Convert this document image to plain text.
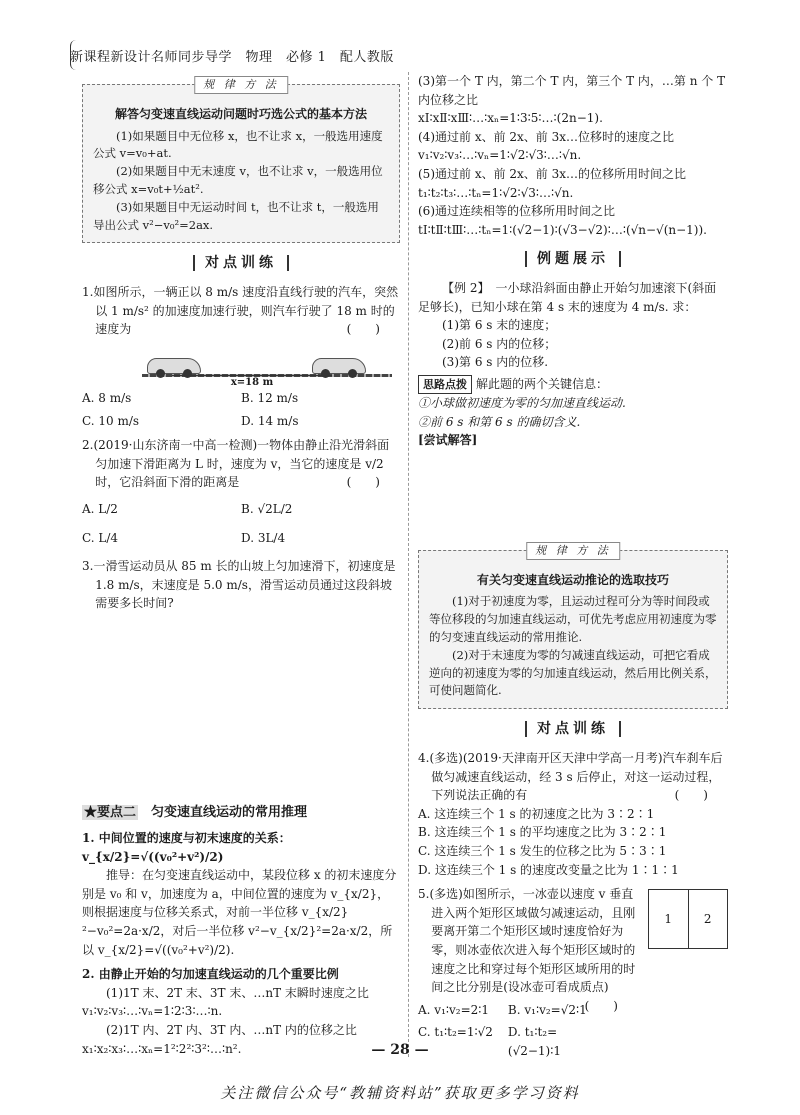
新课程新设计名师同步导学　物理　必修 1　配人教版
规 律 方 法
解答匀变速直线运动问题时巧选公式的基本方法

(1)如果题目中无位移 x，也不让求 x，一般选用速度公式 v=v₀+at.

(2)如果题目中无末速度 v，也不让求 v，一般选用位移公式 x=v₀t+½at².

(3)如果题目中无运动时间 t，也不让求 t，一般选用导出公式 v²−v₀²=2ax.

对点训练
1.如图所示，一辆正以 8 m/s 速度沿直线行驶的汽车，突然以 1 m/s² 的加速度加速行驶，则汽车行驶了 18 m 时的速度为	(　　)
x=18 m
A. 8 m/s	B. 12 m/s
C. 10 m/s	D. 14 m/s
2.(2019·山东济南一中高一检测)一物体由静止沿光滑斜面匀加速下滑距离为 L 时，速度为 v，当它的速度是 v/2 时，它沿斜面下滑的距离是	(　　)
A. L/2	B. √2L/2
C. L/4	D. 3L/4
3.一滑雪运动员从 85 m 长的山坡上匀加速滑下，初速度是 1.8 m/s，末速度是 5.0 m/s，滑雪运动员通过这段斜坡需要多长时间?
★要点二　 匀变速直线运动的常用推理
1. 中间位置的速度与初末速度的关系：v_{x/2}=√((v₀²+v²)/2)
推导：在匀变速直线运动中，某段位移 x 的初末速度分别是 v₀ 和 v，加速度为 a，中间位置的速度为 v_{x/2}，则根据速度与位移关系式，对前一半位移 v_{x/2}²−v₀²=2a·x/2，对后一半位移 v²−v_{x/2}²=2a·x/2，所以 v_{x/2}=√((v₀²+v²)/2).
2. 由静止开始的匀加速直线运动的几个重要比例
(1)1T 末、2T 末、3T 末、…nT 末瞬时速度之比
v₁∶v₂∶v₃∶…∶vₙ=1∶2∶3∶…∶n.
(2)1T 内、2T 内、3T 内、…nT 内的位移之比
x₁∶x₂∶x₃∶…∶xₙ=1²∶2²∶3²∶…∶n².
(3)第一个 T 内，第二个 T 内，第三个 T 内，…第 n 个 T 内位移之比
xⅠ∶xⅡ∶xⅢ∶…∶xₙ=1∶3∶5∶…∶(2n−1).
(4)通过前 x、前 2x、前 3x…位移时的速度之比
v₁∶v₂∶v₃∶…∶vₙ=1∶√2∶√3∶…∶√n.
(5)通过前 x、前 2x、前 3x…的位移所用时间之比
t₁∶t₂∶t₃∶…∶tₙ=1∶√2∶√3∶…∶√n.
(6)通过连续相等的位移所用时间之比
tⅠ∶tⅡ∶tⅢ∶…∶tₙ=1∶(√2−1)∶(√3−√2)∶…∶(√n−√(n−1)).
例题展示
【例 2】　一小球沿斜面由静止开始匀加速滚下(斜面足够长)，已知小球在第 4 s 末的速度为 4 m/s. 求：
(1)第 6 s 末的速度；
(2)前 6 s 内的位移；
(3)第 6 s 内的位移.
思路点拨 解此题的两个关键信息：
①小球做初速度为零的匀加速直线运动.
②前 6 s 和第 6 s 的确切含义.
[尝试解答]
规 律 方 法
有关匀变速直线运动推论的选取技巧

(1)对于初速度为零，且运动过程可分为等时间段或等位移段的匀加速直线运动，可优先考虑应用初速度为零的匀变速直线运动的常用推论.

(2)对于末速度为零的匀减速直线运动，可把它看成逆向的初速度为零的匀加速直线运动，然后用比例关系，可使问题简化.

对点训练
4.(多选)(2019·天津南开区天津中学高一月考)汽车刹车后做匀减速直线运动，经 3 s 后停止，对这一运动过程，下列说法正确的有	(　　)
A. 这连续三个 1 s 的初速度之比为 3∶2∶1
B. 这连续三个 1 s 的平均速度之比为 3∶2∶1
C. 这连续三个 1 s 发生的位移之比为 5∶3∶1
D. 这连续三个 1 s 的速度改变量之比为 1∶1∶1
1	2
5.(多选)如图所示，一冰壶以速度 v 垂直进入两个矩形区域做匀减速运动，且刚要离开第二个矩形区域时速度恰好为零，则冰壶依次进入每个矩形区域时的速度之比和穿过每个矩形区域所用的时间之比分别是(设冰壶可看成质点)
(　　)
A. v₁∶v₂=2∶1	B. v₁∶v₂=√2∶1
C. t₁∶t₂=1∶√2	D. t₁∶t₂=(√2−1)∶1
— 28 —
关注微信公众号“教辅资料站”获取更多学习资料
